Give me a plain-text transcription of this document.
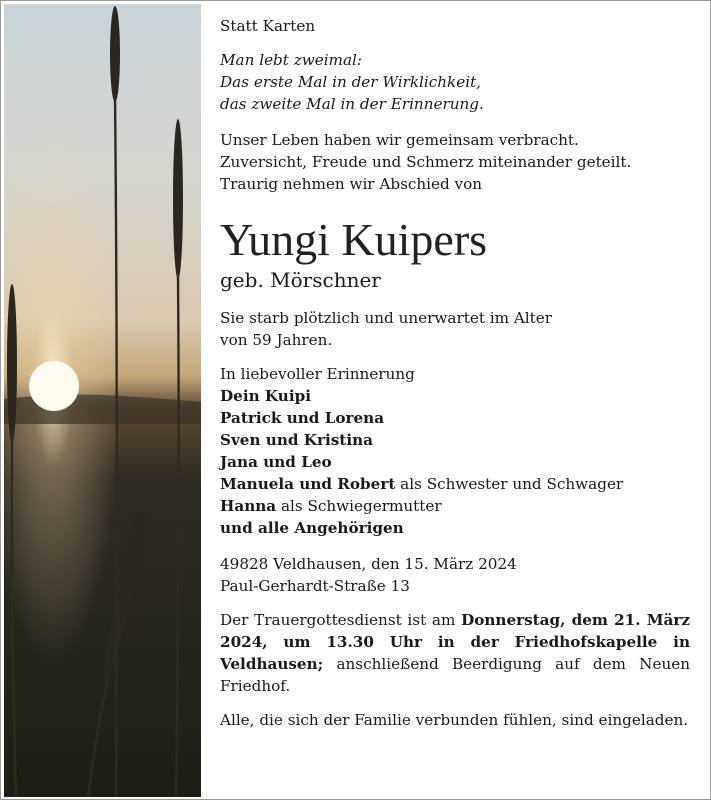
Statt Karten
Man lebt zweimal:
Das erste Mal in der Wirklichkeit,
das zweite Mal in der Erinnerung.
Unser Leben haben wir gemeinsam verbracht.
Zuversicht, Freude und Schmerz miteinander geteilt.
Traurig nehmen wir Abschied von
Yungi Kuipers
geb. Mörschner
Sie starb plötzlich und unerwartet im Alter
von 59 Jahren.
In liebevoller Erinnerung
Dein Kuipi
Patrick und Lorena
Sven und Kristina
Jana und Leo
Manuela und Robert als Schwester und Schwager
Hanna als Schwiegermutter
und alle Angehörigen
49828 Veldhausen, den 15. März 2024
Paul-Gerhardt-Straße 13
Der Trauergottesdienst ist am Donnerstag, dem 21. März 2024, um 13.30 Uhr in der Friedhofskapelle in Veldhausen; anschließend Beerdigung auf dem Neuen Friedhof.
Alle, die sich der Familie verbunden fühlen, sind eingeladen.
